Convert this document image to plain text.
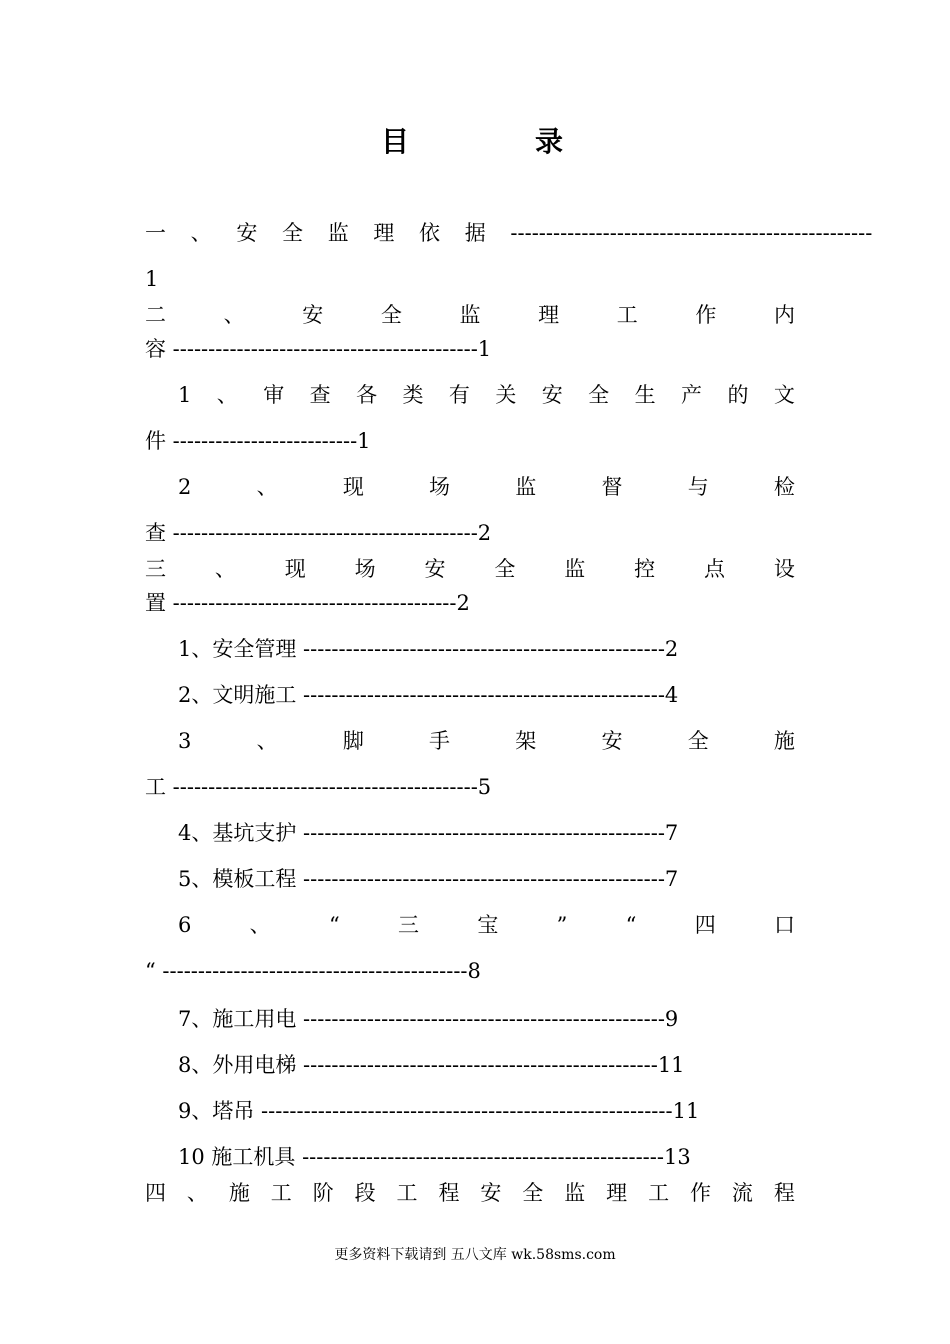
目	录
一 、 安 全 监 理 依 据 ---------------------------------------------------
1
二	、	安	全	监	理	工	作	内
容 -------------------------------------------1
1 、 审 查 各 类 有 关 安 全 生 产 的 文
件 --------------------------1
2	、	现	场	监	督	与	检
查 -------------------------------------------2
三 、 现 场 安 全 监 控 点 设
置 ----------------------------------------2
1、安全管理 ---------------------------------------------------2
2、文明施工 ---------------------------------------------------4
3	、	脚	手	架	安	全	施
工 -------------------------------------------5
4、基坑支护 ---------------------------------------------------7
5、模板工程 ---------------------------------------------------7
6	、	“	三	宝	”	“	四	口
“ -------------------------------------------8
7、施工用电 ---------------------------------------------------9
8、外用电梯 --------------------------------------------------11
9、塔吊 ----------------------------------------------------------11
10 施工机具 ---------------------------------------------------13
四 、 施 工 阶 段 工 程 安 全 监 理 工 作 流 程
更多资料下载请到 五八文库 wk.58sms.com
